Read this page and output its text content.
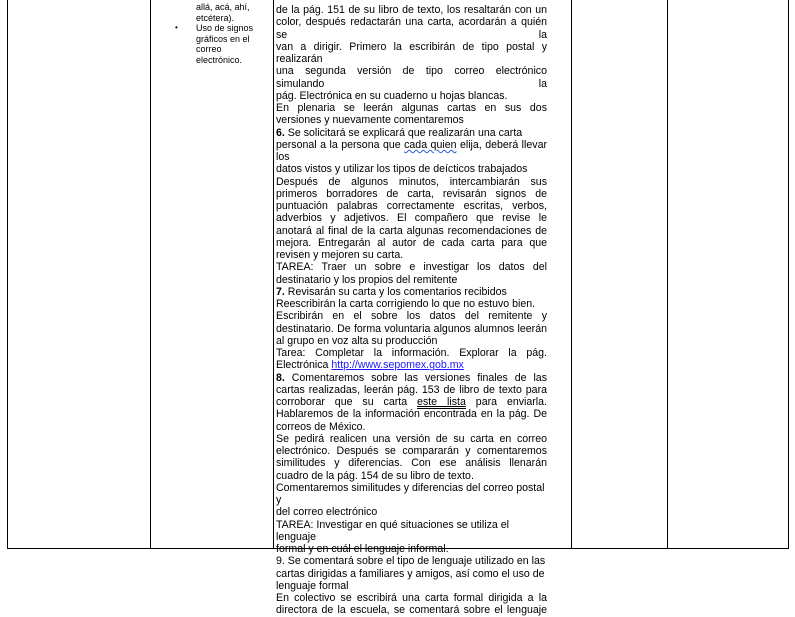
allá, acá, ahí, etcétera).
• Uso de signos
gráficos en el
correo
electrónico.

de la pág. 151 de su libro de texto, los resaltarán con un

color, después redactarán una carta, acordarán a quién se la

van a dirigir. Primero la escribirán de tipo postal y realizarán

una segunda versión de tipo correo electrónico simulando la

pág. Electrónica en su cuaderno u hojas blancas.

En plenaria se leerán algunas cartas en sus dos

versiones y nuevamente comentaremos

6. Se solicitará se explicará que realizarán una carta

personal a la persona que cada quien elija, deberá llevar los

datos vistos y utilizar los tipos de deícticos trabajados

Después de algunos minutos, intercambiarán sus

primeros borradores de carta, revisarán signos de

puntuación palabras correctamente escritas, verbos,

adverbios y adjetivos. El compañero que revise le

anotará al final de la carta algunas recomendaciones de

mejora. Entregarán al autor de cada carta para que

revisen y mejoren su carta.

TAREA: Traer un sobre e investigar los datos del

destinatario y los propios del remitente

7. Revisarán su carta y los comentarios recibidos

Reescribirán la carta corrigiendo lo que no estuvo bien.

Escribirán en el sobre los datos del remitente y

destinatario. De forma voluntaria algunos alumnos leerán

al grupo en voz alta su producción

Tarea: Completar la información. Explorar la pág.

Electrónica http://www.sepomex.gob.mx

8. Comentaremos sobre las versiones finales de las

cartas realizadas, leerán pág. 153 de libro de texto para

corroborar que su carta este lista para enviarla.

Hablaremos de la información encontrada en la pág. De

correos de México.

Se pedirá realicen una versión de su carta en correo

electrónico. Después se compararán y comentaremos

similitudes y diferencias. Con ese análisis llenarán

cuadro de la pág. 154 de su libro de texto.

Comentaremos similitudes y diferencias del correo postal y

del correo electrónico

TAREA: Investigar en qué situaciones se utiliza el lenguaje

formal y en cuál el lenguaje informal.

9. Se comentará sobre el tipo de lenguaje utilizado en las

cartas dirigidas a familiares y amigos, así como el uso de

lenguaje formal

En colectivo se escribirá una carta formal dirigida a la

directora de la escuela, se comentará sobre el lenguaje
